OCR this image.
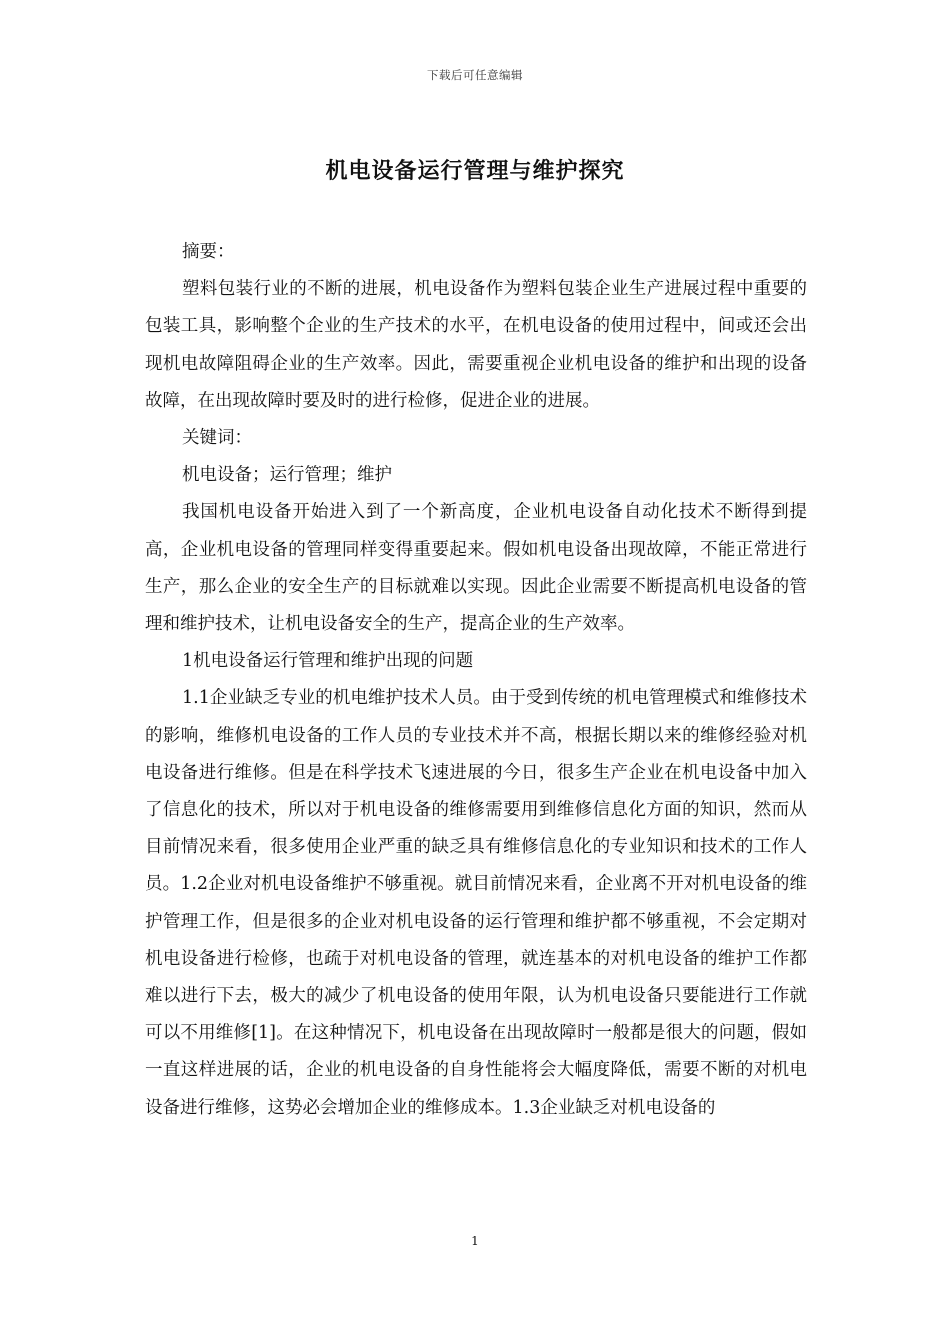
下载后可任意编辑
机电设备运行管理与维护探究

摘要：

塑料包装行业的不断的进展，机电设备作为塑料包装企业生产进展过程中重要的包装工具，影响整个企业的生产技术的水平，在机电设备的使用过程中，间或还会出现机电故障阻碍企业的生产效率。因此，需要重视企业机电设备的维护和出现的设备故障，在出现故障时要及时的进行检修，促进企业的进展。

关键词：

机电设备；运行管理；维护

我国机电设备开始进入到了一个新高度，企业机电设备自动化技术不断得到提高，企业机电设备的管理同样变得重要起来。假如机电设备出现故障，不能正常进行生产，那么企业的安全生产的目标就难以实现。因此企业需要不断提高机电设备的管理和维护技术，让机电设备安全的生产，提高企业的生产效率。

1机电设备运行管理和维护出现的问题

1.1企业缺乏专业的机电维护技术人员。由于受到传统的机电管理模式和维修技术的影响，维修机电设备的工作人员的专业技术并不高，根据长期以来的维修经验对机电设备进行维修。但是在科学技术飞速进展的今日，很多生产企业在机电设备中加入了信息化的技术，所以对于机电设备的维修需要用到维修信息化方面的知识，然而从目前情况来看，很多使用企业严重的缺乏具有维修信息化的专业知识和技术的工作人员。1.2企业对机电设备维护不够重视。就目前情况来看，企业离不开对机电设备的维护管理工作，但是很多的企业对机电设备的运行管理和维护都不够重视，不会定期对机电设备进行检修，也疏于对机电设备的管理，就连基本的对机电设备的维护工作都难以进行下去，极大的减少了机电设备的使用年限，认为机电设备只要能进行工作就可以不用维修[1]。在这种情况下，机电设备在出现故障时一般都是很大的问题，假如一直这样进展的话，企业的机电设备的自身性能将会大幅度降低，需要不断的对机电设备进行维修，这势必会增加企业的维修成本。1.3企业缺乏对机电设备的

1
